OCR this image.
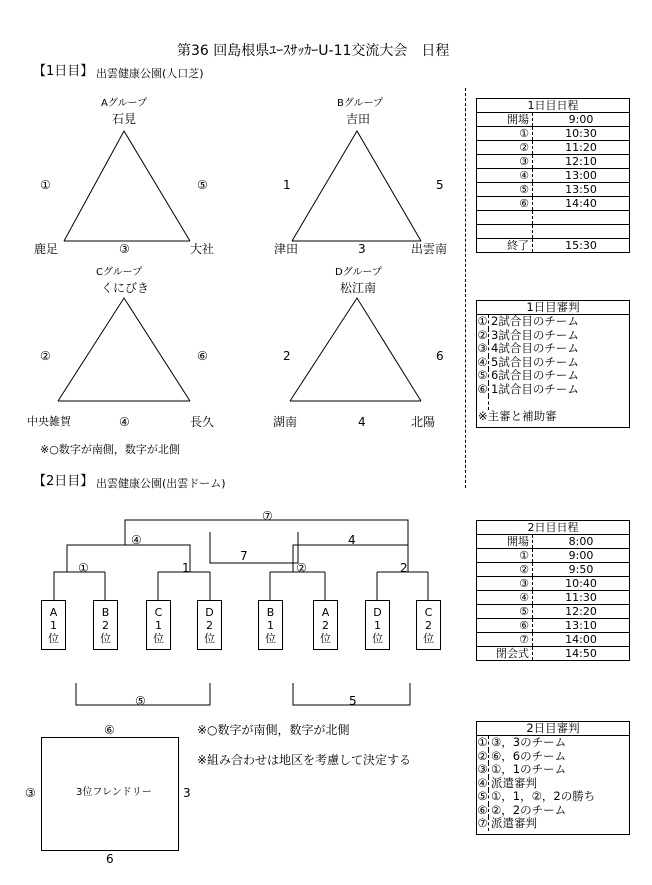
第36 回島根県ﾕｰｽｻｯｶｰU-11交流大会　日程
【1日目】 出雲健康公園(人口芝)
Aグループ
石見
①	⑤
鹿足	③	大社
Bグループ
吉田
1	5
津田	3	出雲南
Cグループ
くにびき
②	⑥
中央雑賀	④	長久
Dグループ
松江南
2	6
湖南	4	北陽
※○数字が南側，数字が北側
【2日目】 出雲健康公園(出雲ドーム)
1日目日程
開場	9:00
①	10:30
②	11:20
③	12:10
④	13:00
⑤	13:50
⑥	14:40
終了	15:30
1日目審判
① 2試合目のチーム
② 3試合目のチーム
③ 4試合目のチーム
④ 5試合目のチーム
⑤ 6試合目のチーム
⑥ 1試合目のチーム
※主審と補助審
⑦
7
④	4
①	1	②	2
A
1
位
B
2
位
C
1
位
D
2
位
B
1
位
A
2
位
D
1
位
C
2
位
⑤	5
2日目日程
開場	8:00
①	9:00
②	9:50
③	10:40
④	11:30
⑤	12:20
⑥	13:10
⑦	14:00
閉会式	14:50
※○数字が南側，数字が北側
※組み合わせは地区を考慮して決定する
⑥
3位フレンドリー
③	3
6
2日目審判
① ③，3のチーム
② ⑥，6のチーム
③ ①，1のチーム
④ 派遣審判
⑤ ①，1，②，2の勝ち
⑥ ②，2のチーム
⑦ 派遣審判
